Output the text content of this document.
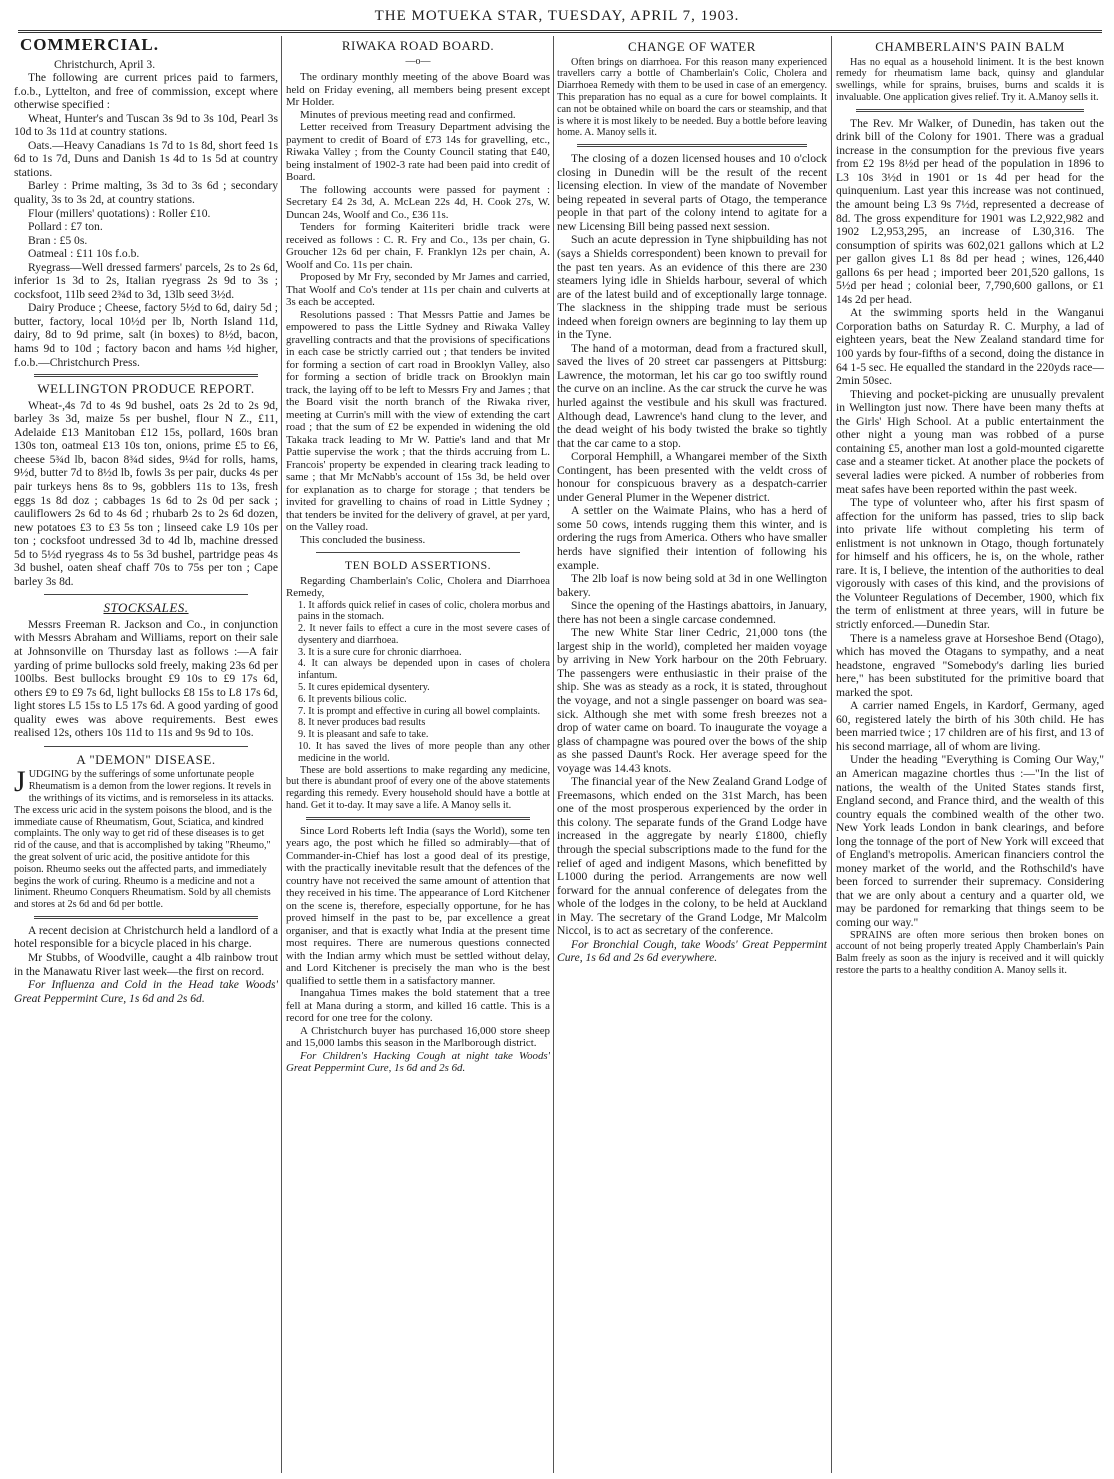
THE MOTUEKA STAR, TUESDAY, APRIL 7, 1903.
COMMERCIAL.

Christchurch, April 3.

The following are current prices paid to farmers, f.o.b., Lyttelton, and free of commission, except where otherwise specified :

Wheat, Hunter's and Tuscan 3s 9d to 3s 10d, Pearl 3s 10d to 3s 11d at country stations.

Oats.—Heavy Canadians 1s 7d to 1s 8d, short feed 1s 6d to 1s 7d, Duns and Danish 1s 4d to 1s 5d at country stations.

Barley : Prime malting, 3s 3d to 3s 6d ; secondary quality, 3s to 3s 2d, at country stations.

Flour (millers' quotations) : Roller £10.

Pollard : £7 ton.

Bran : £5 0s.

Oatmeal : £11 10s f.o.b.

Ryegrass—Well dressed farmers' parcels, 2s to 2s 6d, inferior 1s 3d to 2s, Italian ryegrass 2s 9d to 3s ; cocksfoot, 11lb seed 2¾d to 3d, 13lb seed 3½d.

Dairy Produce ; Cheese, factory 5½d to 6d, dairy 5d ; butter, factory, local 10½d per lb, North Island 11d, dairy, 8d to 9d prime, salt (in boxes) to 8½d, bacon, hams 9d to 10d ; factory bacon and hams ½d higher, f.o.b.—Christchurch Press.

WELLINGTON PRODUCE REPORT.

Wheat-,4s 7d to 4s 9d bushel, oats 2s 2d to 2s 9d, barley 3s 3d, maize 5s per bushel, flour N Z., £11, Adelaide £13 Manitoban £12 15s, pollard, 160s bran 130s ton, oatmeal £13 10s ton, onions, prime £5 to £6, cheese 5¾d lb, bacon 8¾d sides, 9¼d for rolls, hams, 9½d, butter 7d to 8½d lb, fowls 3s per pair, ducks 4s per pair turkeys hens 8s to 9s, gobblers 11s to 13s, fresh eggs 1s 8d doz ; cabbages 1s 6d to 2s 0d per sack ; cauliflowers 2s 6d to 4s 6d ; rhubarb 2s to 2s 6d dozen, new potatoes £3 to £3 5s ton ; linseed cake L9 10s per ton ; cocksfoot undressed 3d to 4d lb, machine dressed 5d to 5½d ryegrass 4s to 5s 3d bushel, partridge peas 4s 3d bushel, oaten sheaf chaff 70s to 75s per ton ; Cape barley 3s 8d.

STOCKSALES.

Messrs Freeman R. Jackson and Co., in conjunction with Messrs Abraham and Williams, report on their sale at Johnsonville on Thursday last as follows :—A fair yarding of prime bullocks sold freely, making 23s 6d per 100lbs. Best bullocks brought £9 10s to £9 17s 6d, others £9 to £9 7s 6d, light bullocks £8 15s to L8 17s 6d, light stores L5 15s to L5 17s 6d. A good yarding of good quality ewes was above requirements. Best ewes realised 12s, others 10s 11d to 11s and 9s 9d to 10s.

A "DEMON" DISEASE.
JUDGING by the sufferings of some unfortunate people Rheumatism is a demon from the lower regions. It revels in the writhings of its victims, and is remorseless in its attacks. The excess uric acid in the system poisons the blood, and is the immediate cause of Rheumatism, Gout, Sciatica, and kindred complaints. The only way to get rid of these diseases is to get rid of the cause, and that is accomplished by taking "Rheumo," the great solvent of uric acid, the positive antidote for this poison. Rheumo seeks out the affected parts, and immediately begins the work of curing. Rheumo is a medicine and not a liniment. Rheumo Conquers Rheumatism. Sold by all chemists and stores at 2s 6d and 6d per bottle.

A recent decision at Christchurch held a landlord of a hotel responsible for a bicycle placed in his charge.

Mr Stubbs, of Woodville, caught a 4lb rainbow trout in the Manawatu River last week—the first on record.

For Influenza and Cold in the Head take Woods' Great Peppermint Cure, 1s 6d and 2s 6d.

RIWAKA ROAD BOARD.
—o—

The ordinary monthly meeting of the above Board was held on Friday evening, all members being present except Mr Holder.

Minutes of previous meeting read and confirmed.

Letter received from Treasury Department advising the payment to credit of Board of £73 14s for gravelling, etc., Riwaka Valley ; from the County Council stating that £40, being instalment of 1902-3 rate had been paid into credit of Board.

The following accounts were passed for payment : Secretary £4 2s 3d, A. McLean 22s 4d, H. Cook 27s, W. Duncan 24s, Woolf and Co., £36 11s.

Tenders for forming Kaiteriteri bridle track were received as follows : C. R. Fry and Co., 13s per chain, G. Groucher 12s 6d per chain, F. Franklyn 12s per chain, A. Woolf and Co. 11s per chain.

Proposed by Mr Fry, seconded by Mr James and carried, That Woolf and Co's tender at 11s per chain and culverts at 3s each be accepted.

Resolutions passed : That Messrs Pattie and James be empowered to pass the Little Sydney and Riwaka Valley gravelling contracts and that the provisions of specifications in each case be strictly carried out ; that tenders be invited for forming a section of cart road in Brooklyn Valley, also for forming a section of bridle track on Brooklyn main track, the laying off to be left to Messrs Fry and James ; that the Board visit the north branch of the Riwaka river, meeting at Currin's mill with the view of extending the cart road ; that the sum of £2 be expended in widening the old Takaka track leading to Mr W. Pattie's land and that Mr Pattie supervise the work ; that the thirds accruing from L. Francois' property be expended in clearing track leading to same ; that Mr McNabb's account of 15s 3d, be held over for explanation as to charge for storage ; that tenders be invited for gravelling to chains of road in Little Sydney ; that tenders be invited for the delivery of gravel, at per yard, on the Valley road.

This concluded the business.

TEN BOLD ASSERTIONS.

Regarding Chamberlain's Colic, Cholera and Diarrhoea Remedy,

1. It affords quick relief in cases of colic, cholera morbus and pains in the stomach.

2. It never fails to effect a cure in the most severe cases of dysentery and diarrhoea.

3. It is a sure cure for chronic diarrhoea.

4. It can always be depended upon in cases of cholera infantum.

5. It cures epidemical dysentery.

6. It prevents bilious colic.

7. It is prompt and effective in curing all bowel complaints.

8. It never produces bad results

9. It is pleasant and safe to take.

10. It has saved the lives of more people than any other medicine in the world.

These are bold assertions to make regarding any medicine, but there is abundant proof of every one of the above statements regarding this remedy. Every household should have a bottle at hand. Get it to-day. It may save a life. A Manoy sells it.

Since Lord Roberts left India (says the World), some ten years ago, the post which he filled so admirably—that of Commander-in-Chief has lost a good deal of its prestige, with the practically inevitable result that the defences of the country have not received the same amount of attention that they received in his time. The appearance of Lord Kitchener on the scene is, therefore, especially opportune, for he has proved himself in the past to be, par excellence a great organiser, and that is exactly what India at the present time most requires. There are numerous questions connected with the Indian army which must be settled without delay, and Lord Kitchener is precisely the man who is the best qualified to settle them in a satisfactory manner.

Inangahua Times makes the bold statement that a tree fell at Mana during a storm, and killed 16 cattle. This is a record for one tree for the colony.

A Christchurch buyer has purchased 16,000 store sheep and 15,000 lambs this season in the Marlborough district.

For Children's Hacking Cough at night take Woods' Great Peppermint Cure, 1s 6d and 2s 6d.

CHANGE OF WATER

Often brings on diarrhoea. For this reason many experienced travellers carry a bottle of Chamberlain's Colic, Cholera and Diarrhoea Remedy with them to be used in case of an emergency. This preparation has no equal as a cure for bowel complaints. It can not be obtained while on board the cars or steamship, and that is where it is most likely to be needed. Buy a bottle before leaving home. A. Manoy sells it.

The closing of a dozen licensed houses and 10 o'clock closing in Dunedin will be the result of the recent licensing election. In view of the mandate of November being repeated in several parts of Otago, the temperance people in that part of the colony intend to agitate for a new Licensing Bill being passed next session.

Such an acute depression in Tyne shipbuilding has not (says a Shields correspondent) been known to prevail for the past ten years. As an evidence of this there are 230 steamers lying idle in Shields harbour, several of which are of the latest build and of exceptionally large tonnage. The slackness in the shipping trade must be serious indeed when foreign owners are beginning to lay them up in the Tyne.

The hand of a motorman, dead from a fractured skull, saved the lives of 20 street car passengers at Pittsburg: Lawrence, the motorman, let his car go too swiftly round the curve on an incline. As the car struck the curve he was hurled against the vestibule and his skull was fractured. Although dead, Lawrence's hand clung to the lever, and the dead weight of his body twisted the brake so tightly that the car came to a stop.

Corporal Hemphill, a Whangarei member of the Sixth Contingent, has been presented with the veldt cross of honour for conspicuous bravery as a despatch-carrier under General Plumer in the Wepener district.

A settler on the Waimate Plains, who has a herd of some 50 cows, intends rugging them this winter, and is ordering the rugs from America. Others who have smaller herds have signified their intention of following his example.

The 2lb loaf is now being sold at 3d in one Wellington bakery.

Since the opening of the Hastings abattoirs, in January, there has not been a single carcase condemned.

The new White Star liner Cedric, 21,000 tons (the largest ship in the world), completed her maiden voyage by arriving in New York harbour on the 20th February. The passengers were enthusiastic in their praise of the ship. She was as steady as a rock, it is stated, throughout the voyage, and not a single passenger on board was sea-sick. Although she met with some fresh breezes not a drop of water came on board. To inaugurate the voyage a glass of champagne was poured over the bows of the ship as she passed Daunt's Rock. Her average speed for the voyage was 14.43 knots.

The financial year of the New Zealand Grand Lodge of Freemasons, which ended on the 31st March, has been one of the most prosperous experienced by the order in this colony. The separate funds of the Grand Lodge have increased in the aggregate by nearly £1800, chiefly through the special subscriptions made to the fund for the relief of aged and indigent Masons, which benefitted by L1000 during the period. Arrangements are now well forward for the annual conference of delegates from the whole of the lodges in the colony, to be held at Auckland in May. The secretary of the Grand Lodge, Mr Malcolm Niccol, is to act as secretary of the conference.

For Bronchial Cough, take Woods' Great Peppermint Cure, 1s 6d and 2s 6d everywhere.

CHAMBERLAIN'S PAIN BALM

Has no equal as a household liniment. It is the best known remedy for rheumatism lame back, quinsy and glandular swellings, while for sprains, bruises, burns and scalds it is invaluable. One application gives relief. Try it. A.Manoy sells it.

The Rev. Mr Walker, of Dunedin, has taken out the drink bill of the Colony for 1901. There was a gradual increase in the consumption for the previous five years from £2 19s 8½d per head of the population in 1896 to L3 10s 3½d in 1901 or 1s 4d per head for the quinquenium. Last year this increase was not continued, the amount being L3 9s 7½d, represented a decrease of 8d. The gross expenditure for 1901 was L2,922,982 and 1902 L2,953,295, an increase of L30,316. The consumption of spirits was 602,021 gallons which at L2 per gallon gives L1 8s 8d per head ; wines, 126,440 gallons 6s per head ; imported beer 201,520 gallons, 1s 5½d per head ; colonial beer, 7,790,600 gallons, or £1 14s 2d per head.

At the swimming sports held in the Wanganui Corporation baths on Saturday R. C. Murphy, a lad of eighteen years, beat the New Zealand standard time for 100 yards by four-fifths of a second, doing the distance in 64 1-5 sec. He equalled the standard in the 220yds race—2min 50sec.

Thieving and pocket-picking are unusually prevalent in Wellington just now. There have been many thefts at the Girls' High School. At a public entertainment the other night a young man was robbed of a purse containing £5, another man lost a gold-mounted cigarette case and a steamer ticket. At another place the pockets of several ladies were picked. A number of robberies from meat safes have been reported within the past week.

The type of volunteer who, after his first spasm of affection for the uniform has passed, tries to slip back into private life without completing his term of enlistment is not unknown in Otago, though fortunately for himself and his officers, he is, on the whole, rather rare. It is, I believe, the intention of the authorities to deal vigorously with cases of this kind, and the provisions of the Volunteer Regulations of December, 1900, which fix the term of enlistment at three years, will in future be strictly enforced.—Dunedin Star.

There is a nameless grave at Horseshoe Bend (Otago), which has moved the Otagans to sympathy, and a neat headstone, engraved "Somebody's darling lies buried here," has been substituted for the primitive board that marked the spot.

A carrier named Engels, in Kardorf, Germany, aged 60, registered lately the birth of his 30th child. He has been married twice ; 17 children are of his first, and 13 of his second marriage, all of whom are living.

Under the heading "Everything is Coming Our Way," an American magazine chortles thus :—"In the list of nations, the wealth of the United States stands first, England second, and France third, and the wealth of this country equals the combined wealth of the other two. New York leads London in bank clearings, and before long the tonnage of the port of New York will exceed that of England's metropolis. American financiers control the money market of the world, and the Rothschild's have been forced to surrender their supremacy. Considering that we are only about a century and a quarter old, we may be pardoned for remarking that things seem to be coming our way."

SPRAINS are often more serious then broken bones on account of not being properly treated Apply Chamberlain's Pain Balm freely as soon as the injury is received and it will quickly restore the parts to a healthy condition A. Manoy sells it.
